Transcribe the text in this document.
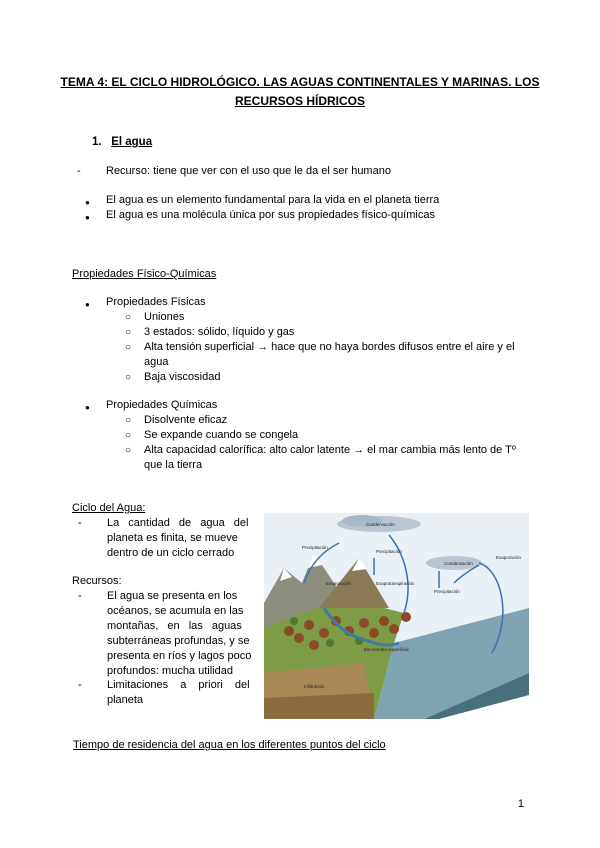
TEMA 4: EL CICLO HIDROLÓGICO. LAS AGUAS CONTINENTALES Y MARINAS. LOS RECURSOS HÍDRICOS
1. El agua
- Recurso: tiene que ver con el uso que le da el ser humano
● El agua es un elemento fundamental para la vida en el planeta tierra
● El agua es una molécula única por sus propiedades físico-químicas
Propiedades Físico-Químicas
● Propiedades Físicas
○ Uniones
○ 3 estados: sólido, líquido y gas
○ Alta tensión superficial → hace que no haya bordes difusos entre el aire y el
agua
○ Baja viscosidad
● Propiedades Químicas
○ Disolvente eficaz
○ Se expande cuando se congela
○ Alta capacidad calorífica: alto calor latente → el mar cambia más lento de Tº
que la tierra
Ciclo del Agua:
- La cantidad de agua del
planeta es finita, se mueve
dentro de un ciclo cerrado
Recursos:
- El agua se presenta en los
océanos, se acumula en las
montañas, en las aguas
subterráneas profundas, y se
presenta en ríos y lagos poco
profundos: mucha utilidad
- Limitaciones a priori del
planeta
Condensación
Precipitación
Precipitación
Condensación
Evaporación
Evaporación	Evapotranspiración
Precipitación
Escorrentía superficial
Infiltración
Tiempo de residencia del agua en los diferentes puntos del ciclo
1
